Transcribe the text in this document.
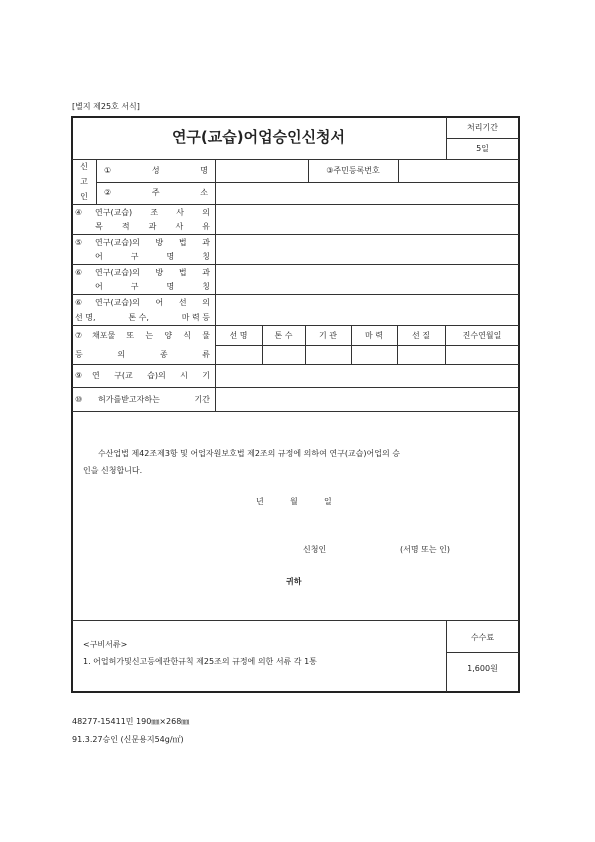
[별지 제25호 서식]
연구(교습)어업승인신청서
처리기간
5일
신
고
인
①	성	명	③주민등록번호
②	주	소
④ 연구(교습) 조 사 의
목 적 과 사 유
⑤ 연구(교습)의 방 법 과
어	구	명	칭
⑥ 연구(교습)의 방 법 과
어	구	명	칭
⑥ 연구(교습)의 어 선 의
선 명,	톤 수,	마 력 등
⑦ 채포물 또 는 양 식 물
등	의	종	류
선 명	톤 수	기 관	마 력	선 질	진수연월일
⑨ 연 구(교 습)의 시 기
⑩ 허가를받고자하는	기간
수산업법 제42조제3항 및 어업자원보호법 제2조의 규정에 의하여 연구(교습)어업의 승
인을 신청합니다.
년	월	일
신청인	(서명 또는 인)
귀하
<구비서류>
1. 어업허가및신고등에관한규칙 제25조의 규정에 의한 서류 각 1통
수수료
1,600원
48277-15411민 190㎜×268㎜
91.3.27승인 (신문용지54g/㎡)
